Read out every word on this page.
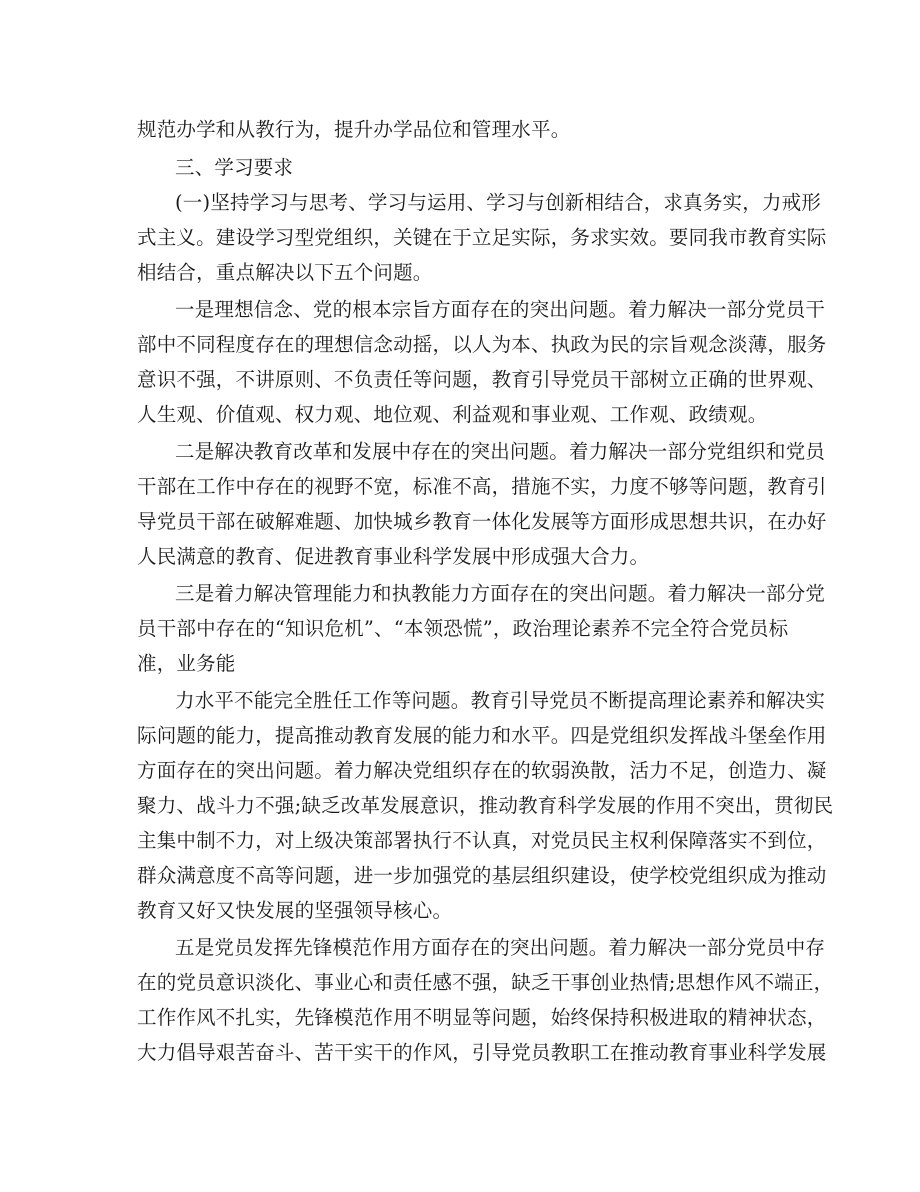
规范办学和从教行为，提升办学品位和管理水平。
三、学习要求
(一)坚持学习与思考、学习与运用、学习与创新相结合，求真务实，力戒形
式主义。建设学习型党组织，关键在于立足实际，务求实效。要同我市教育实际
相结合，重点解决以下五个问题。
一是理想信念、党的根本宗旨方面存在的突出问题。着力解决一部分党员干
部中不同程度存在的理想信念动摇，以人为本、执政为民的宗旨观念淡薄，服务
意识不强，不讲原则、不负责任等问题，教育引导党员干部树立正确的世界观、
人生观、价值观、权力观、地位观、利益观和事业观、工作观、政绩观。
二是解决教育改革和发展中存在的突出问题。着力解决一部分党组织和党员
干部在工作中存在的视野不宽，标准不高，措施不实，力度不够等问题，教育引
导党员干部在破解难题、加快城乡教育一体化发展等方面形成思想共识，在办好
人民满意的教育、促进教育事业科学发展中形成强大合力。
三是着力解决管理能力和执教能力方面存在的突出问题。着力解决一部分党
员干部中存在的“知识危机”、“本领恐慌”，政治理论素养不完全符合党员标
准，业务能
力水平不能完全胜任工作等问题。教育引导党员不断提高理论素养和解决实
际问题的能力，提高推动教育发展的能力和水平。四是党组织发挥战斗堡垒作用
方面存在的突出问题。着力解决党组织存在的软弱涣散，活力不足，创造力、凝
聚力、战斗力不强;缺乏改革发展意识，推动教育科学发展的作用不突出，贯彻民
主集中制不力，对上级决策部署执行不认真，对党员民主权利保障落实不到位，
群众满意度不高等问题，进一步加强党的基层组织建设，使学校党组织成为推动
教育又好又快发展的坚强领导核心。
五是党员发挥先锋模范作用方面存在的突出问题。着力解决一部分党员中存
在的党员意识淡化、事业心和责任感不强，缺乏干事创业热情;思想作风不端正，
工作作风不扎实，先锋模范作用不明显等问题，始终保持积极进取的精神状态，
大力倡导艰苦奋斗、苦干实干的作风，引导党员教职工在推动教育事业科学发展
